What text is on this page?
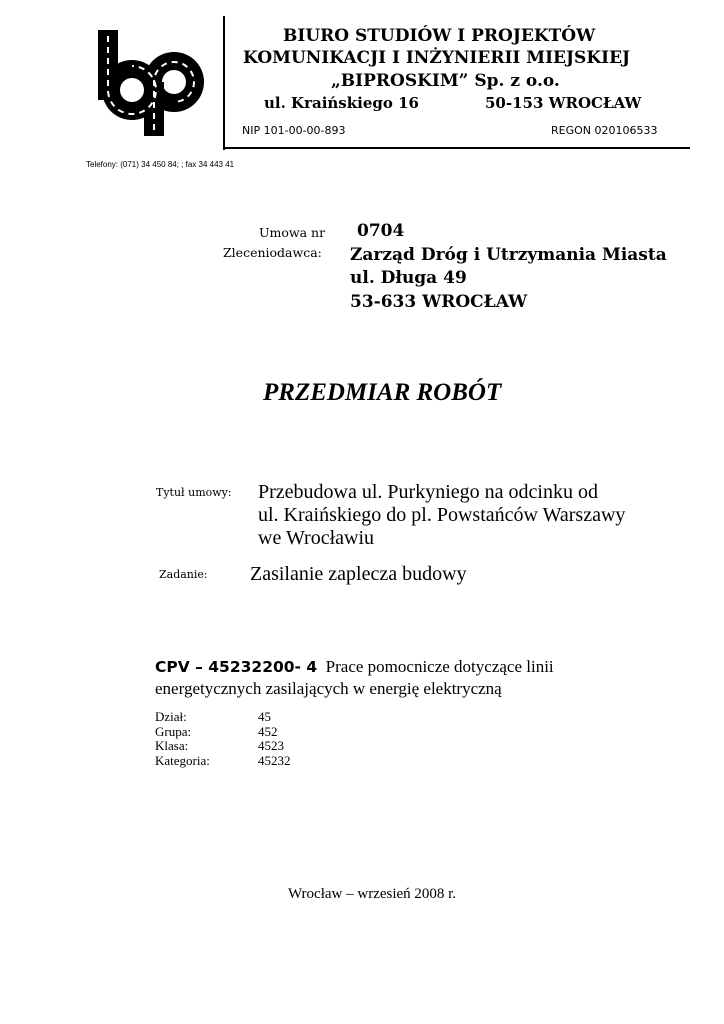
BIURO STUDIÓW I PROJEKTÓW
KOMUNIKACJI I INŻYNIERII MIEJSKIEJ
„BIPROSKIM” Sp. z o.o.
ul. Kraińskiego 16	50-153 WROCŁAW
NIP 101-00-00-893	REGON 020106533
Telefony: (071) 34 450 84; ; fax 34 443 41
Umowa nr 0704
Zleceniodawca: Zarząd Dróg i Utrzymania Miasta
ul. Długa 49
53-633 WROCŁAW
PRZEDMIAR ROBÓT
Tytuł umowy: Przebudowa ul. Purkyniego na odcinku od
ul. Kraińskiego do pl. Powstańców Warszawy
we Wrocławiu
Zadanie: Zasilanie zaplecza budowy
CPV – 45232200- 4 Prace pomocnicze dotyczące linii
energetycznych zasilających w energię elektryczną
Dział:
Grupa:
Klasa:
Kategoria:
45
452
4523
45232
Wrocław – wrzesień 2008 r.
